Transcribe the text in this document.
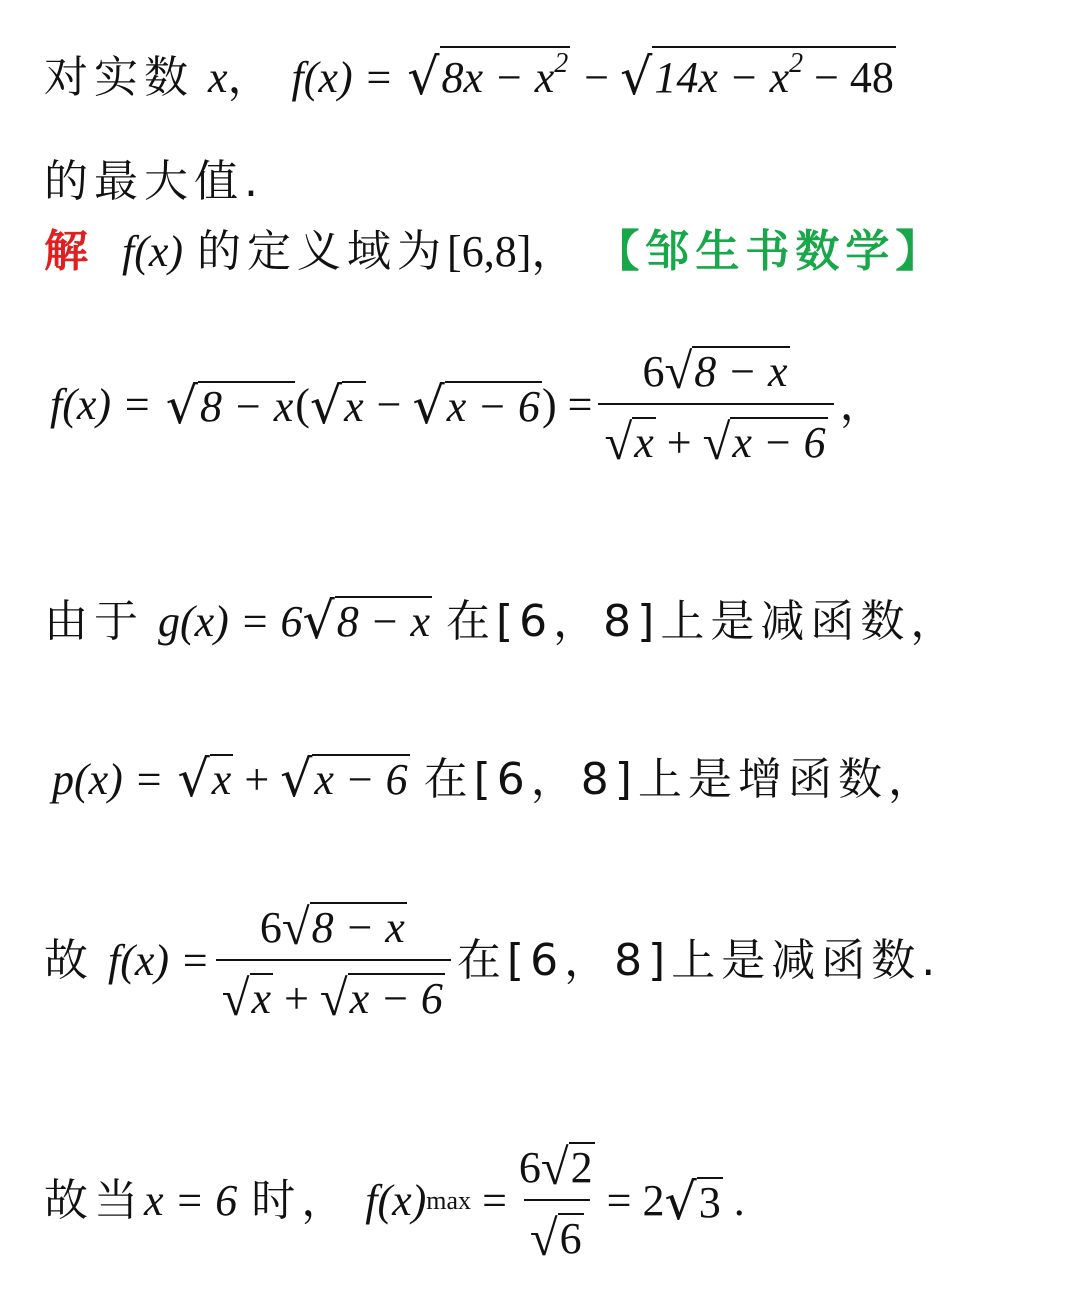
对实数 x， $f(x) = √8x - x^2 - √14x - x^2 - 48$
的最大值.
解 f(x) 的定义域为[6,8]， 【邹生书数学】
f(x) =
√8 − x ( √x − √x − 6 ) = $\frac{6√8 - x}{√x + √x - 6}$ ，
由于 g(x) = 6√8 − x 在[6，8]上是减函数，
p(x) = √x + √x − 6 在[6，8]上是增函数，
故
$f(x) = \frac{6√8 - x}{√x + √x - 6}$ 在[6，8]上是减函数.
故当 x = 6
时，
f(x) $\max = \frac{6√2}{√6} = 2$ √3 .
